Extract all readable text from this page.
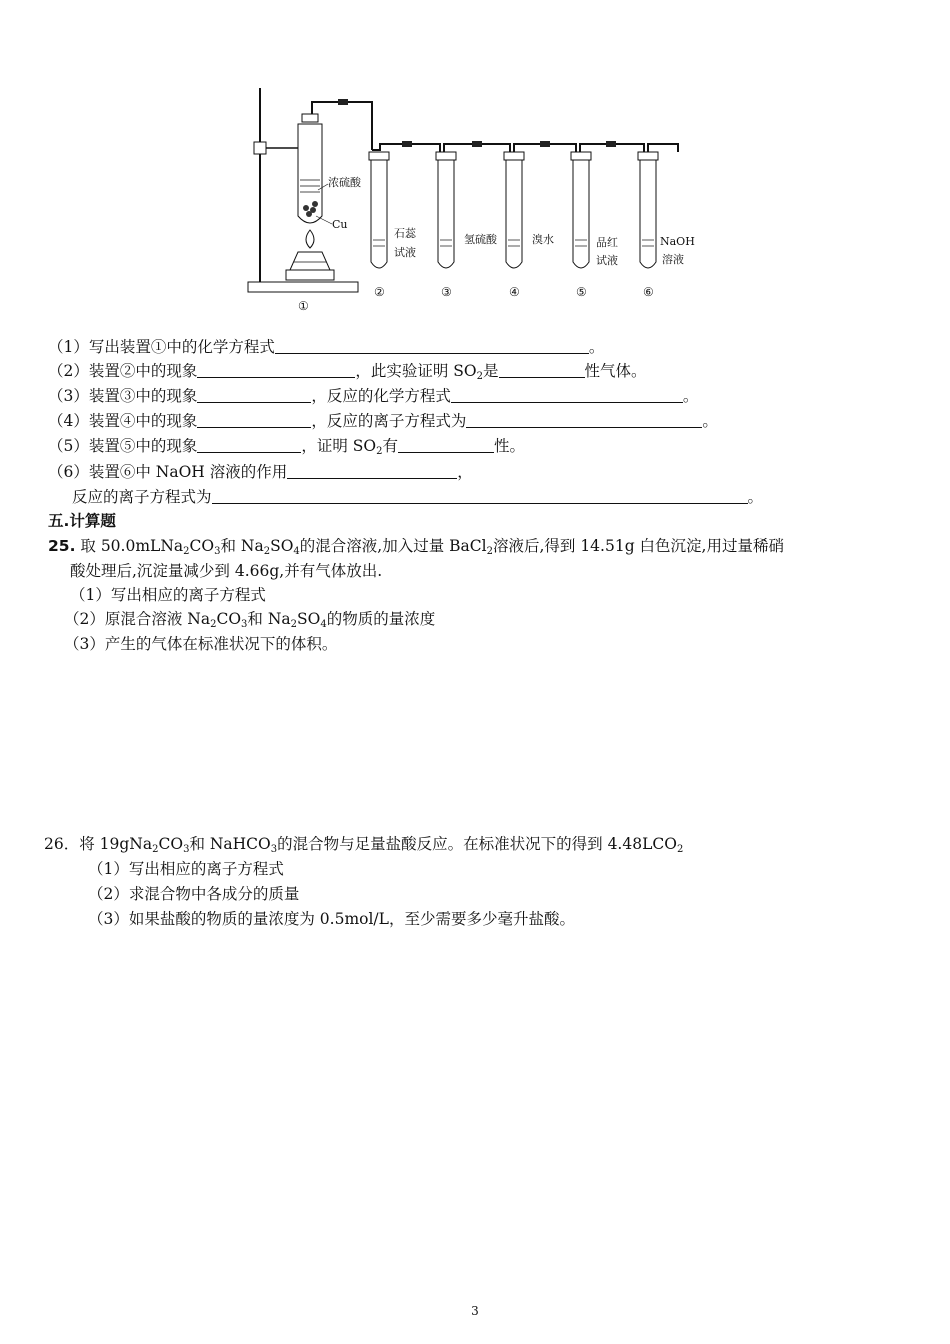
浓硫酸
Cu
石蕊
试液
氢硫酸	溴水	品红
试液
NaOH
溶液
①
②	③	④	⑤	⑥
（1）写出装置①中的化学方程式	。
（2）装置②中的现象	，此实验证明 $SO_2$是	性气体。
（3）装置③中的现象	，反应的化学方程式	。
（4）装置④中的现象	，反应的离子方程式为	。
（5）装置⑤中的现象	，证明 $SO_2$有	性。
（6）装置⑥中 NaOH 溶液的作用	，
反应的离子方程式为	。
五.计算题
25. 取 $50.0mLNa_2CO_3$和 $Na_2SO_4$的混合溶液,加入过量 BaCl$_2$溶液后,得到 14.51g 白色沉淀,用过量稀硝
酸处理后,沉淀量减少到 4.66g,并有气体放出.
（1）写出相应的离子方程式
（2）原混合溶液 $Na_2CO_3$和 $Na_2SO_4$的物质的量浓度
（3）产生的气体在标准状况下的体积。
26．将 $19gNa_2CO_3$和 NaHCO$_3$的混合物与足量盐酸反应。在标准状况下的得到 $4.48LCO_2$
（1）写出相应的离子方程式
（2）求混合物中各成分的质量
（3）如果盐酸的物质的量浓度为 0.5mol/L，至少需要多少毫升盐酸。
3
